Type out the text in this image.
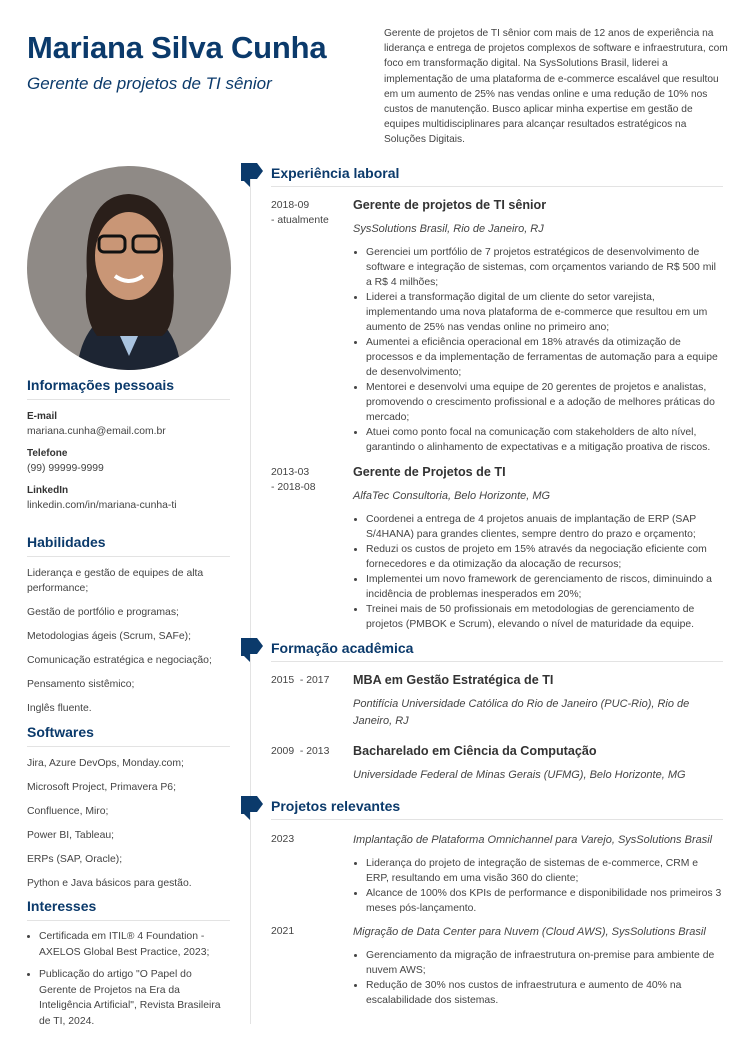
Mariana Silva Cunha
Gerente de projetos de TI sênior
Gerente de projetos de TI sênior com mais de 12 anos de experiência na liderança e entrega de projetos complexos de software e infraestrutura, com foco em transformação digital. Na SysSolutions Brasil, liderei a implementação de uma plataforma de e-commerce escalável que resultou em um aumento de 25% nas vendas online e uma redução de 10% nos custos de manutenção. Busco aplicar minha expertise em gestão de equipes multidisciplinares para alcançar resultados estratégicos na Soluções Digitais.
Informações pessoais
E-mail
mariana.cunha@email.com.br
Telefone
(99) 99999-9999
LinkedIn
linkedin.com/in/mariana-cunha-ti
Habilidades
Liderança e gestão de equipes de alta performance;
Gestão de portfólio e programas;
Metodologias ágeis (Scrum, SAFe);
Comunicação estratégica e negociação;
Pensamento sistêmico;
Inglês fluente.
Softwares
Jira, Azure DevOps, Monday.com;
Microsoft Project, Primavera P6;
Confluence, Miro;
Power BI, Tableau;
ERPs (SAP, Oracle);
Python e Java básicos para gestão.
Interesses
• Certificada em ITIL® 4 Foundation - AXELOS Global Best Practice, 2023;
• Publicação do artigo "O Papel do Gerente de Projetos na Era da Inteligência Artificial", Revista Brasileira de TI, 2024.
Experiência laboral
2018-09
- atualmente
Gerente de projetos de TI sênior
SysSolutions Brasil, Rio de Janeiro, RJ
• Gerenciei um portfólio de 7 projetos estratégicos de desenvolvimento de software e integração de sistemas, com orçamentos variando de R$ 500 mil a R$ 4 milhões;
• Liderei a transformação digital de um cliente do setor varejista, implementando uma nova plataforma de e-commerce que resultou em um aumento de 25% nas vendas online no primeiro ano;
• Aumentei a eficiência operacional em 18% através da otimização de processos e da implementação de ferramentas de automação para a equipe de desenvolvimento;
• Mentorei e desenvolvi uma equipe de 20 gerentes de projetos e analistas, promovendo o crescimento profissional e a adoção de melhores práticas do mercado;
• Atuei como ponto focal na comunicação com stakeholders de alto nível, garantindo o alinhamento de expectativas e a mitigação proativa de riscos.
2013-03
- 2018-08
Gerente de Projetos de TI
AlfaTec Consultoria, Belo Horizonte, MG
• Coordenei a entrega de 4 projetos anuais de implantação de ERP (SAP S/4HANA) para grandes clientes, sempre dentro do prazo e orçamento;
• Reduzi os custos de projeto em 15% através da negociação eficiente com fornecedores e da otimização da alocação de recursos;
• Implementei um novo framework de gerenciamento de riscos, diminuindo a incidência de problemas inesperados em 20%;
• Treinei mais de 50 profissionais em metodologias de gerenciamento de projetos (PMBOK e Scrum), elevando o nível de maturidade da equipe.
Formação acadêmica
2015  - 2017	MBA em Gestão Estratégica de TI
Pontifícia Universidade Católica do Rio de Janeiro (PUC-Rio), Rio de Janeiro, RJ
2009  - 2013	Bacharelado em Ciência da Computação
Universidade Federal de Minas Gerais (UFMG), Belo Horizonte, MG
Projetos relevantes
2023	Implantação de Plataforma Omnichannel para Varejo, SysSolutions Brasil
• Liderança do projeto de integração de sistemas de e-commerce, CRM e ERP, resultando em uma visão 360 do cliente;
• Alcance de 100% dos KPIs de performance e disponibilidade nos primeiros 3 meses pós-lançamento.
2021	Migração de Data Center para Nuvem (Cloud AWS), SysSolutions Brasil
• Gerenciamento da migração de infraestrutura on-premise para ambiente de nuvem AWS;
• Redução de 30% nos custos de infraestrutura e aumento de 40% na escalabilidade dos sistemas.
